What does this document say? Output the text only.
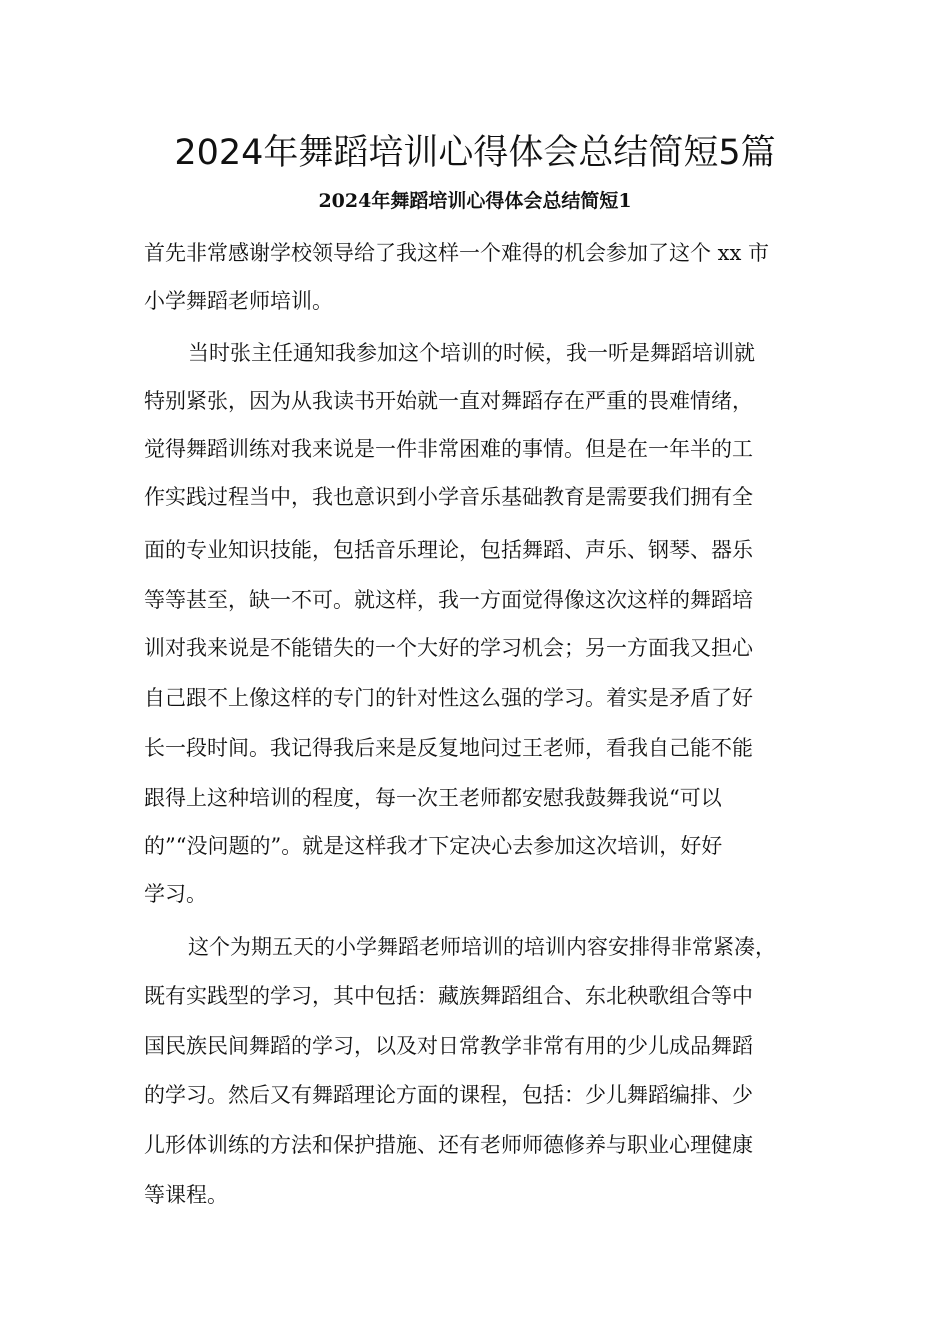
2024年舞蹈培训心得体会总结简短5篇
2024年舞蹈培训心得体会总结简短1

首先非常感谢学校领导给了我这样一个难得的机会参加了这个 xx 市

小学舞蹈老师培训。

当时张主任通知我参加这个培训的时候，我一听是舞蹈培训就

特别紧张，因为从我读书开始就一直对舞蹈存在严重的畏难情绪，

觉得舞蹈训练对我来说是一件非常困难的事情。但是在一年半的工

作实践过程当中，我也意识到小学音乐基础教育是需要我们拥有全

面的专业知识技能，包括音乐理论，包括舞蹈、声乐、钢琴、器乐

等等甚至，缺一不可。就这样，我一方面觉得像这次这样的舞蹈培

训对我来说是不能错失的一个大好的学习机会；另一方面我又担心

自己跟不上像这样的专门的针对性这么强的学习。着实是矛盾了好

长一段时间。我记得我后来是反复地问过王老师，看我自己能不能

跟得上这种培训的程度，每一次王老师都安慰我鼓舞我说“可以

的”“没问题的”。就是这样我才下定决心去参加这次培训，好好

学习。

这个为期五天的小学舞蹈老师培训的培训内容安排得非常紧凑，

既有实践型的学习，其中包括：藏族舞蹈组合、东北秧歌组合等中

国民族民间舞蹈的学习，以及对日常教学非常有用的少儿成品舞蹈

的学习。然后又有舞蹈理论方面的课程，包括：少儿舞蹈编排、少

儿形体训练的方法和保护措施、还有老师师德修养与职业心理健康

等课程。
